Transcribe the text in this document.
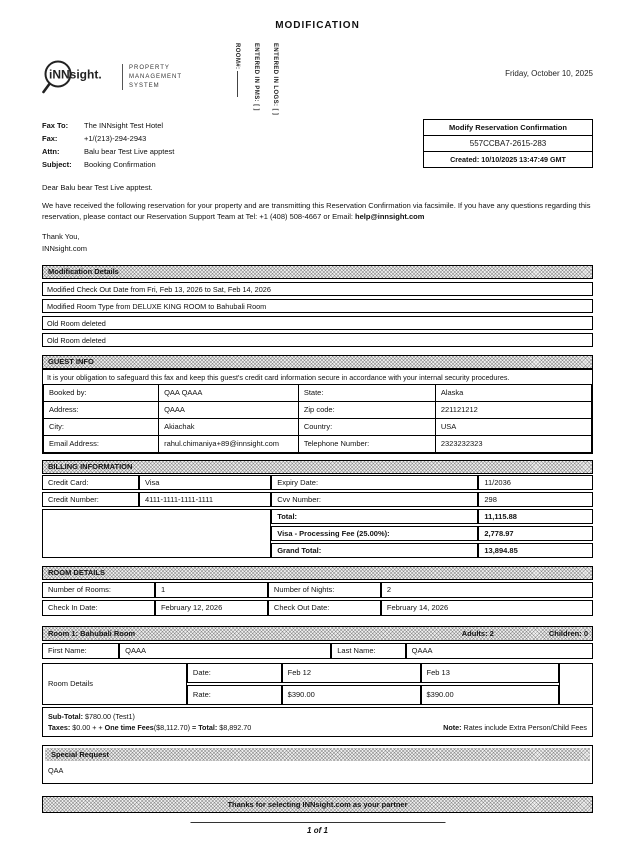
MODIFICATION
iNNsight.	PROPERTY
MANAGEMENT
SYSTEM
ROOM#: ENTERED IN PMS: [ ] ENTERED IN LOGS: [ ]	Friday, October 10, 2025
Fax To: The INNsight Test Hotel
Fax:	+1/(213)-294-2943
Attn:	Balu bear Test Live apptest
Subject: Booking Confirmation
Modify Reservation Confirmation
557CCBA7-2615-283
Created: 10/10/2025 13:47:49 GMT
Dear Balu bear Test Live apptest.
We have received the following reservation for your property and are transmitting this Reservation Confirmation via facsimile. If you have any questions regarding this reservation, please contact our Reservation Support Team at Tel: +1 (408) 508-4667 or Email: help@innsight.com
Thank You,
INNsight.com
Modification Details
Modified Check Out Date from Fri, Feb 13, 2026 to Sat, Feb 14, 2026
Modified Room Type from DELUXE KING ROOM to Bahubali Room
Old Room deleted
Old Room deleted
GUEST INFO
It is your obligation to safeguard this fax and keep this guest's credit card information secure in accordance with your internal security procedures.
Booked by:	QAA QAAA	State:	Alaska
Address:	QAAA	Zip code:	221121212
City:	Akiachak	Country:	USA
Email Address:	rahul.chimaniya+89@innsight.com	Telephone Number:	2323232323
BILLING INFORMATION
Credit Card:	Visa	Expiry Date:	11/2036
Credit Number:	4111-1111-1111-1111	Cvv Number:	298
Total:	11,115.88
Visa - Processing Fee (25.00%):	2,778.97
Grand Total:	13,894.85
ROOM DETAILS
Number of Rooms:	1	Number of Nights:	2
Check In Date:	February 12, 2026	Check Out Date:	February 14, 2026
Room 1: Bahubali Room	Adults: 2	Children: 0
First Name:	QAAA	Last Name:	QAAA
Room Details
Date:	Feb 12	Feb 13
Rate:	$390.00	$390.00
Sub-Total: $780.00 (Test1)
Taxes: $0.00 + + One time Fees($8,112.70) = Total: $8,892.70	Note: Rates include Extra Person/Child Fees
Special Request
QAA
Thanks for selecting INNsight.com as your partner
1 of 1
